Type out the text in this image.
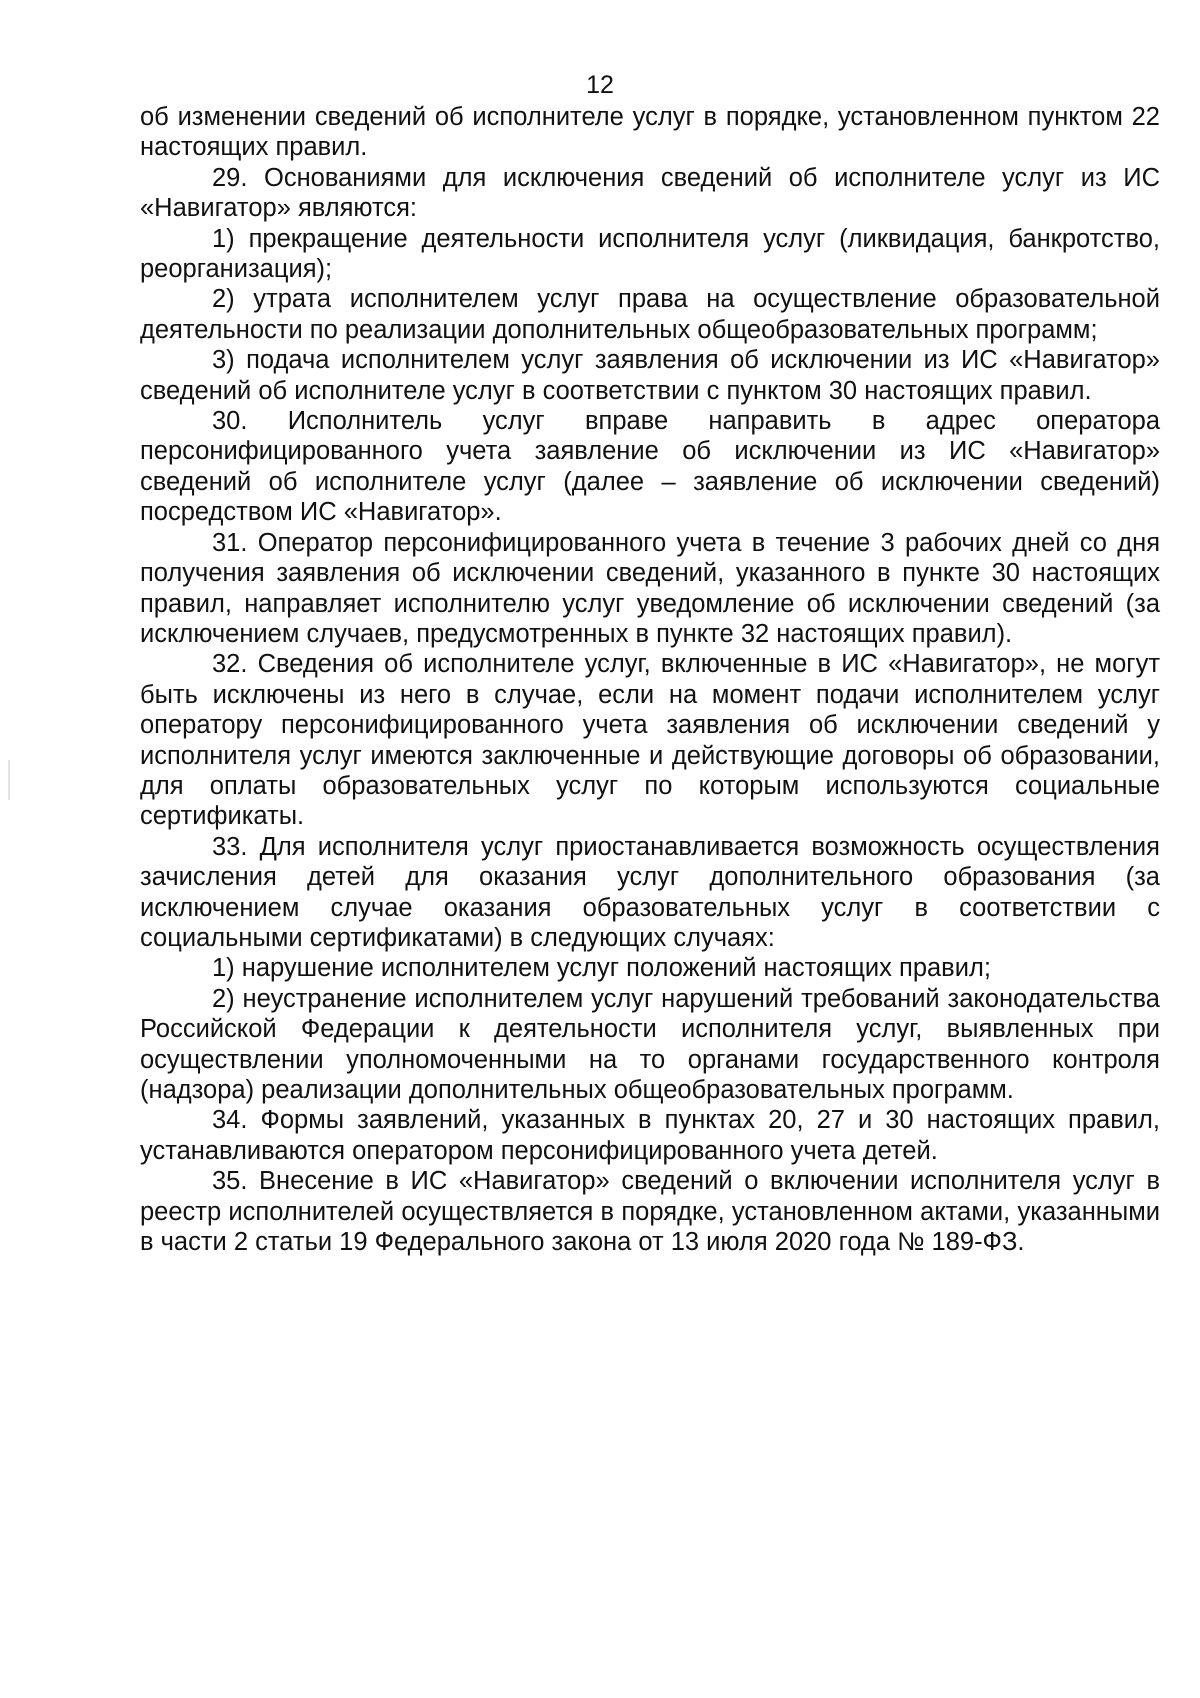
12

об изменении сведений об исполнителе услуг в порядке, установленном пунктом 22 настоящих правил.

29. Основаниями для исключения сведений об исполнителе услуг из ИС «Навигатор» являются:

1) прекращение деятельности исполнителя услуг (ликвидация, банкротство, реорганизация);

2) утрата исполнителем услуг права на осуществление образовательной деятельности по реализации дополнительных общеобразовательных программ;

3) подача исполнителем услуг заявления об исключении из ИС «Навигатор» сведений об исполнителе услуг в соответствии с пунктом 30 настоящих правил.

30. Исполнитель услуг вправе направить в адрес оператора персонифицированного учета заявление об исключении из ИС «Навигатор» сведений об исполнителе услуг (далее – заявление об исключении сведений) посредством ИС «Навигатор».

31. Оператор персонифицированного учета в течение 3 рабочих дней со дня получения заявления об исключении сведений, указанного в пункте 30 настоящих правил, направляет исполнителю услуг уведомление об исключении сведений (за исключением случаев, предусмотренных в пункте 32 настоящих правил).

32. Сведения об исполнителе услуг, включенные в ИС «Навигатор», не могут быть исключены из него в случае, если на момент подачи исполнителем услуг оператору персонифицированного учета заявления об исключении сведений у исполнителя услуг имеются заключенные и действующие договоры об образовании, для оплаты образовательных услуг по которым используются социальные сертификаты.

33. Для исполнителя услуг приостанавливается возможность осуществления зачисления детей для оказания услуг дополнительного образования (за исключением случае оказания образовательных услуг в соответствии с социальными сертификатами) в следующих случаях:

1) нарушение исполнителем услуг положений настоящих правил;

2) неустранение исполнителем услуг нарушений требований законодательства Российской Федерации к деятельности исполнителя услуг, выявленных при осуществлении уполномоченными на то органами государственного контроля (надзора) реализации дополнительных общеобразовательных программ.

34. Формы заявлений, указанных в пунктах 20, 27 и 30 настоящих правил, устанавливаются оператором персонифицированного учета детей.

35. Внесение в ИС «Навигатор» сведений о включении исполнителя услуг в реестр исполнителей осуществляется в порядке, установленном актами, указанными в части 2 статьи 19 Федерального закона от 13 июля 2020 года № 189-ФЗ.
